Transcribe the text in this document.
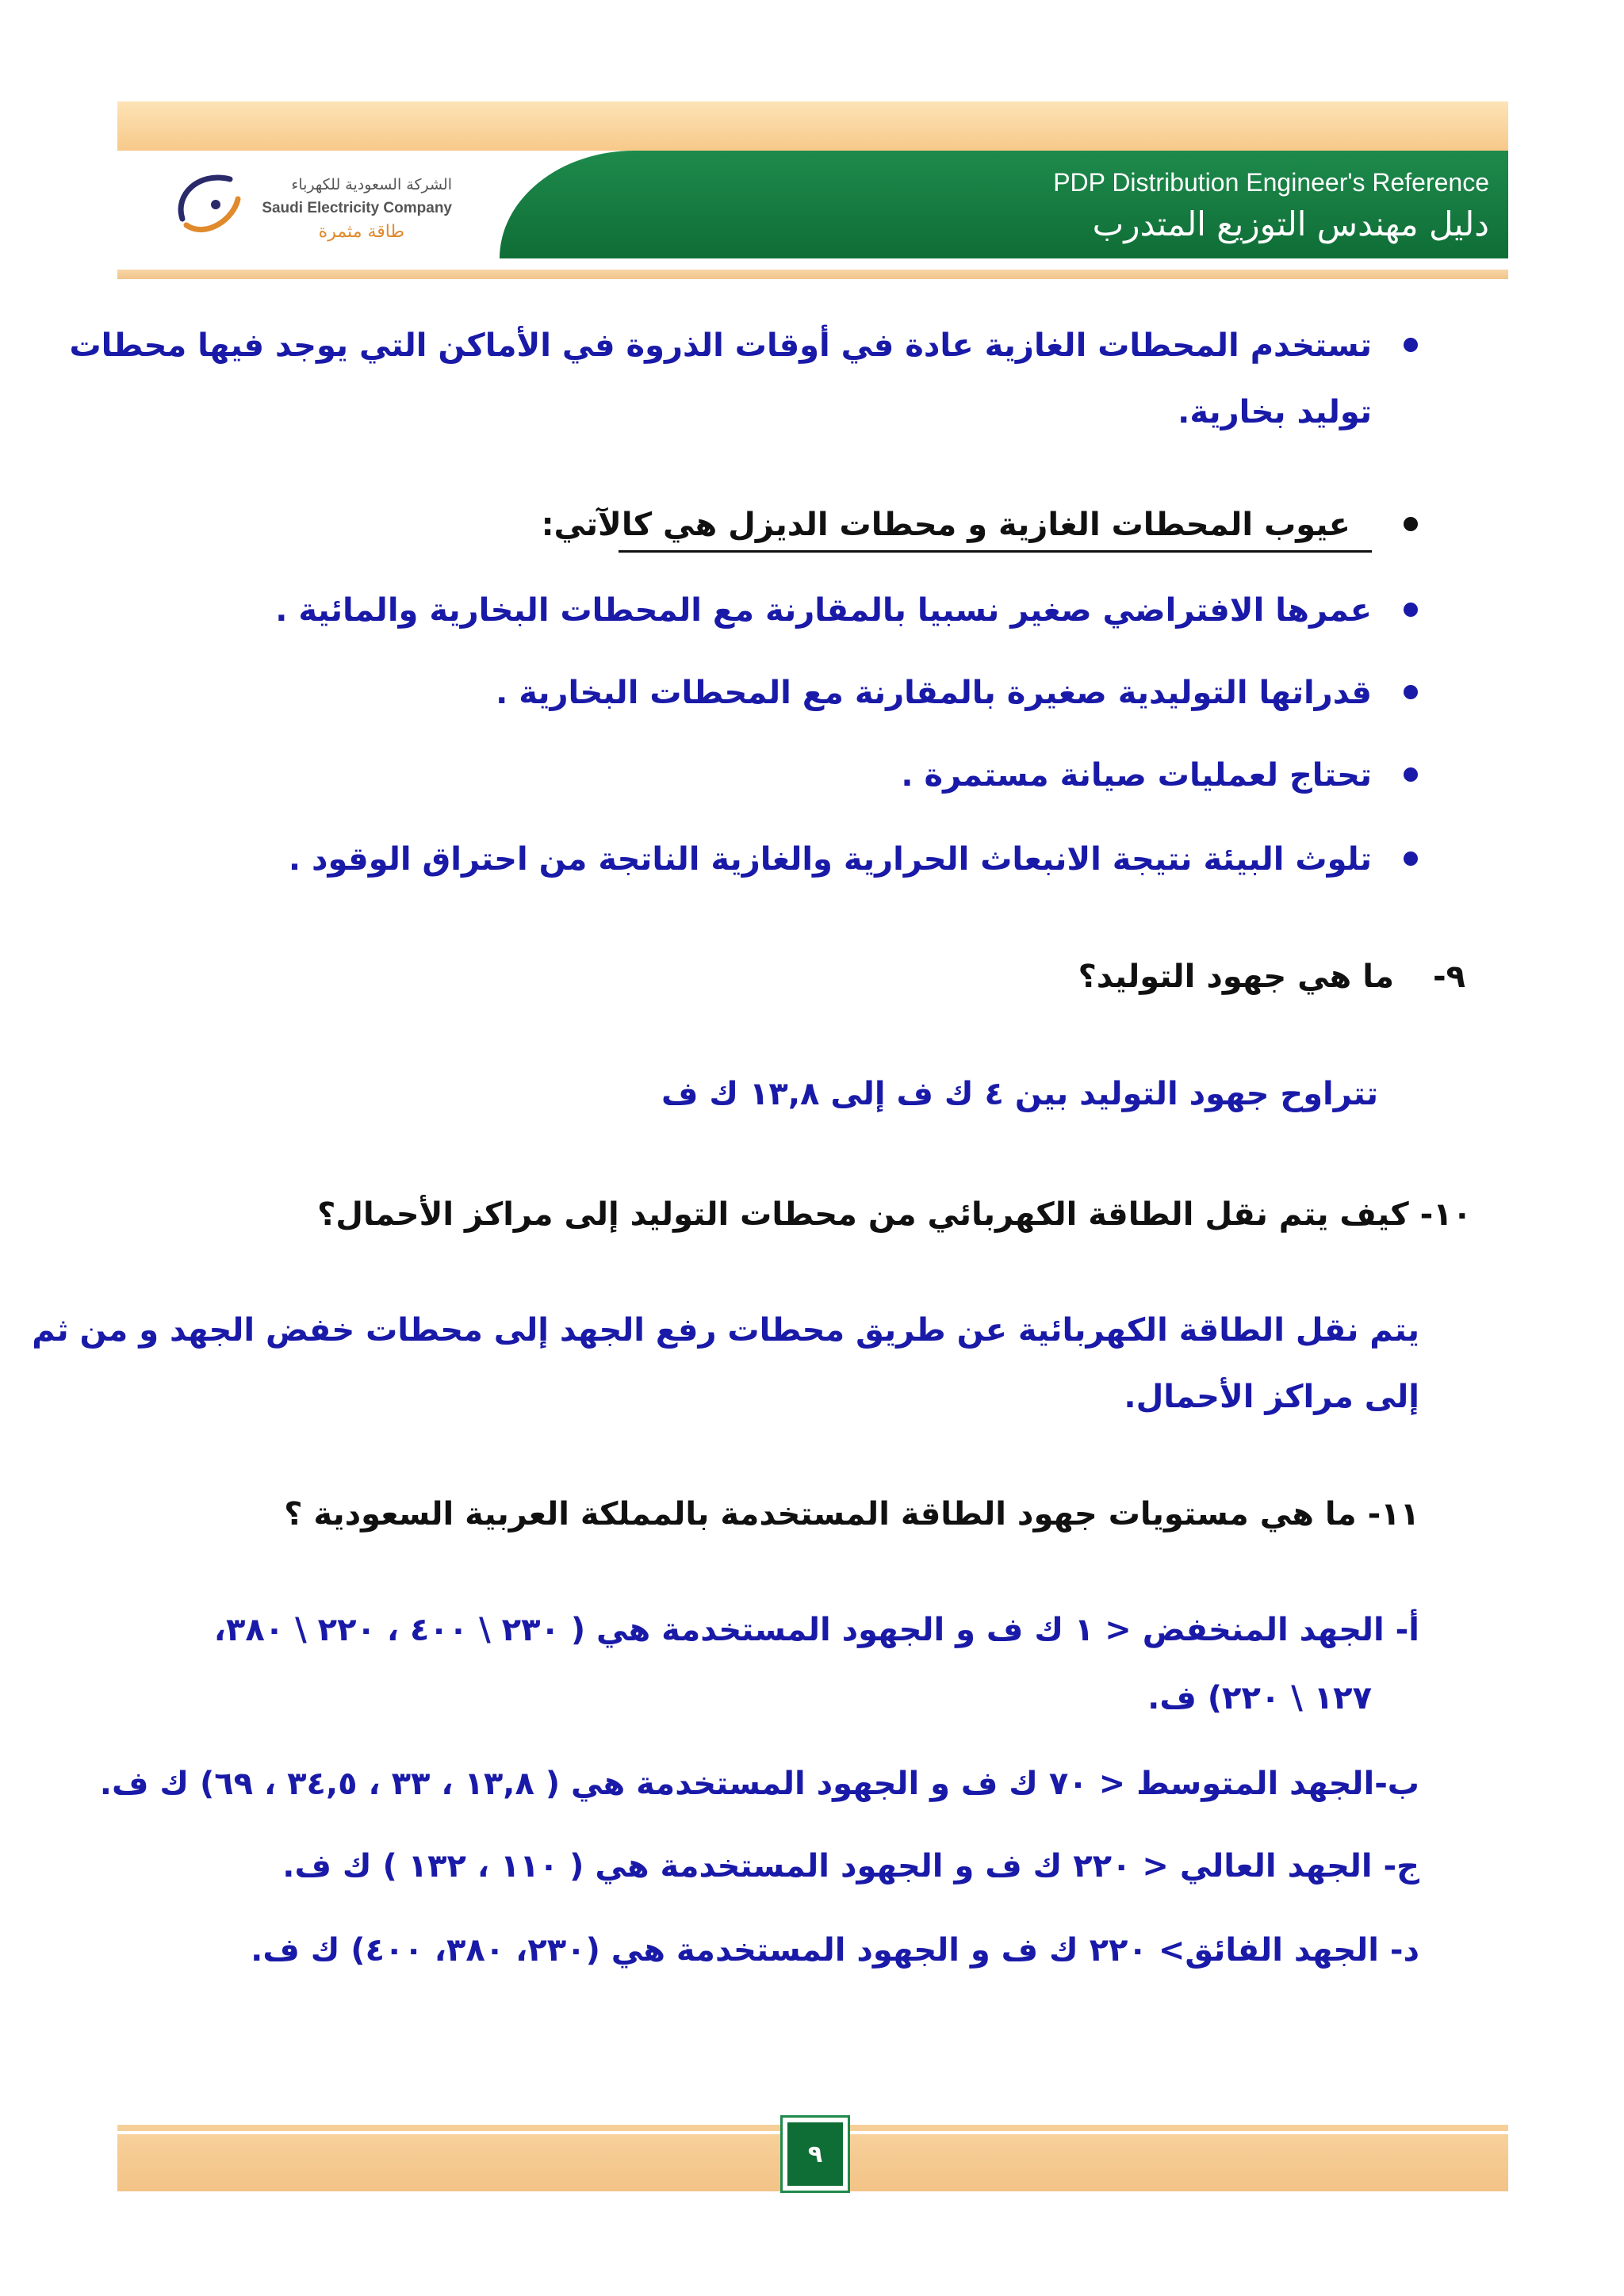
PDP Distribution Engineer's Reference
دليل مهندس التوزيع المتدرب
الشركة السعودية للكهرباء
Saudi Electricity Company
طاقة مثمرة
تستخدم المحطات الغازية عادة في أوقات الذروة في الأماكن التي يوجد فيها محطات
توليد بخارية.
عيوب المحطات الغازية و محطات الديزل هي كالآتي:
عمرها الافتراضي صغير نسبيا بالمقارنة مع المحطات البخارية والمائية .
قدراتها التوليدية صغيرة بالمقارنة مع المحطات البخارية .
تحتاج لعمليات صيانة مستمرة .
تلوث البيئة نتيجة الانبعاث الحرارية والغازية الناتجة من احتراق الوقود .
٩-
ما هي جهود التوليد؟
تتراوح جهود التوليد بين ٤ ك ف إلى ١٣,٨ ك ف
١٠- كيف يتم نقل الطاقة الكهربائي من محطات التوليد إلى مراكز الأحمال؟
يتم نقل الطاقة الكهربائية عن طريق محطات رفع الجهد إلى محطات خفض الجهد و من ثم
إلى مراكز الأحمال.
١١- ما هي مستويات جهود الطاقة المستخدمة بالمملكة العربية السعودية ؟
أ- الجهد المنخفض < ١ ك ف و الجهود المستخدمة هي ( ٢٣٠ \ ٤٠٠ ، ٢٢٠ \ ٣٨٠،
١٢٧ \ ٢٢٠) ف.
ب-الجهد المتوسط < ٧٠ ك ف و الجهود المستخدمة هي ( ١٣,٨ ، ٣٣ ، ٣٤,٥ ، ٦٩) ك ف.
ج- الجهد العالي < ٢٢٠ ك ف و الجهود المستخدمة هي ( ١١٠ ، ١٣٢ ) ك ف.
د- الجهد الفائق> ٢٢٠ ك ف و الجهود المستخدمة هي (٢٣٠، ٣٨٠، ٤٠٠) ك ف.
٩
